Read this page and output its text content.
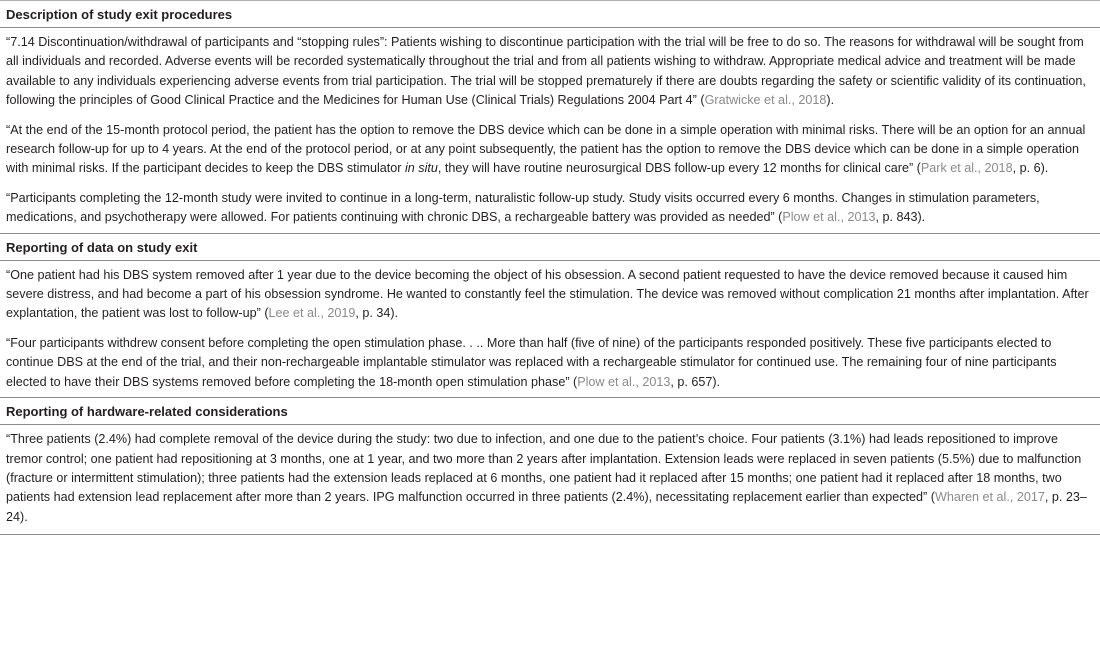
Description of study exit procedures

“7.14 Discontinuation/withdrawal of participants and “stopping rules”: Patients wishing to discontinue participation with the trial will be free to do so. The reasons for withdrawal will be sought from all individuals and recorded. Adverse events will be recorded systematically throughout the trial and from all patients wishing to withdraw. Appropriate medical advice and treatment will be made available to any individuals experiencing adverse events from trial participation. The trial will be stopped prematurely if there are doubts regarding the safety or scientific validity of its continuation, following the principles of Good Clinical Practice and the Medicines for Human Use (Clinical Trials) Regulations 2004 Part 4” (Gratwicke et al., 2018).

“At the end of the 15-month protocol period, the patient has the option to remove the DBS device which can be done in a simple operation with minimal risks. There will be an option for an annual research follow-up for up to 4 years. At the end of the protocol period, or at any point subsequently, the patient has the option to remove the DBS device which can be done in a simple operation with minimal risks. If the participant decides to keep the DBS stimulator in situ, they will have routine neurosurgical DBS follow-up every 12 months for clinical care” (Park et al., 2018, p. 6).

“Participants completing the 12-month study were invited to continue in a long-term, naturalistic follow-up study. Study visits occurred every 6 months. Changes in stimulation parameters, medications, and psychotherapy were allowed. For patients continuing with chronic DBS, a rechargeable battery was provided as needed” (Plow et al., 2013, p. 843).

Reporting of data on study exit

“One patient had his DBS system removed after 1 year due to the device becoming the object of his obsession. A second patient requested to have the device removed because it caused him severe distress, and had become a part of his obsession syndrome. He wanted to constantly feel the stimulation. The device was removed without complication 21 months after implantation. After explantation, the patient was lost to follow-up” (Lee et al., 2019, p. 34).

“Four participants withdrew consent before completing the open stimulation phase. . .. More than half (five of nine) of the participants responded positively. These five participants elected to continue DBS at the end of the trial, and their non-rechargeable implantable stimulator was replaced with a rechargeable stimulator for continued use. The remaining four of nine participants elected to have their DBS systems removed before completing the 18-month open stimulation phase” (Plow et al., 2013, p. 657).

Reporting of hardware-related considerations

“Three patients (2.4%) had complete removal of the device during the study: two due to infection, and one due to the patient’s choice. Four patients (3.1%) had leads repositioned to improve tremor control; one patient had repositioning at 3 months, one at 1 year, and two more than 2 years after implantation. Extension leads were replaced in seven patients (5.5%) due to malfunction (fracture or intermittent stimulation); three patients had the extension leads replaced at 6 months, one patient had it replaced after 15 months; one patient had it replaced after 18 months, two patients had extension lead replacement after more than 2 years. IPG malfunction occurred in three patients (2.4%), necessitating replacement earlier than expected” (Wharen et al., 2017, p. 23–24).
